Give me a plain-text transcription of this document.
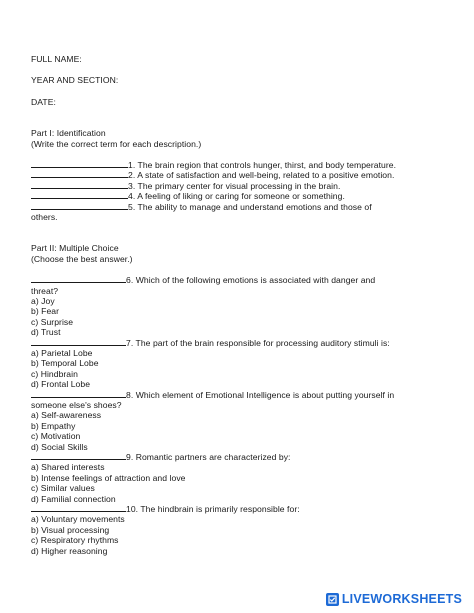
FULL NAME:
YEAR AND SECTION:
DATE:
Part I: Identification
(Write the correct term for each description.)
1. The brain region that controls hunger, thirst, and body temperature.
2. A state of satisfaction and well-being, related to a positive emotion.
3. The primary center for visual processing in the brain.
4. A feeling of liking or caring for someone or something.
5. The ability to manage and understand emotions and those of
others.
Part II: Multiple Choice
(Choose the best answer.)
6. Which of the following emotions is associated with danger and
threat?
a) Joy
b) Fear
c) Surprise
d) Trust
7. The part of the brain responsible for processing auditory stimuli is:
a) Parietal Lobe
b) Temporal Lobe
c) Hindbrain
d) Frontal Lobe
8. Which element of Emotional Intelligence is about putting yourself in
someone else's shoes?
a) Self-awareness
b) Empathy
c) Motivation
d) Social Skills
9. Romantic partners are characterized by:
a) Shared interests
b) Intense feelings of attraction and love
c) Similar values
d) Familial connection
10. The hindbrain is primarily responsible for:
a) Voluntary movements
b) Visual processing
c) Respiratory rhythms
d) Higher reasoning
LIVEWORKSHEETS
